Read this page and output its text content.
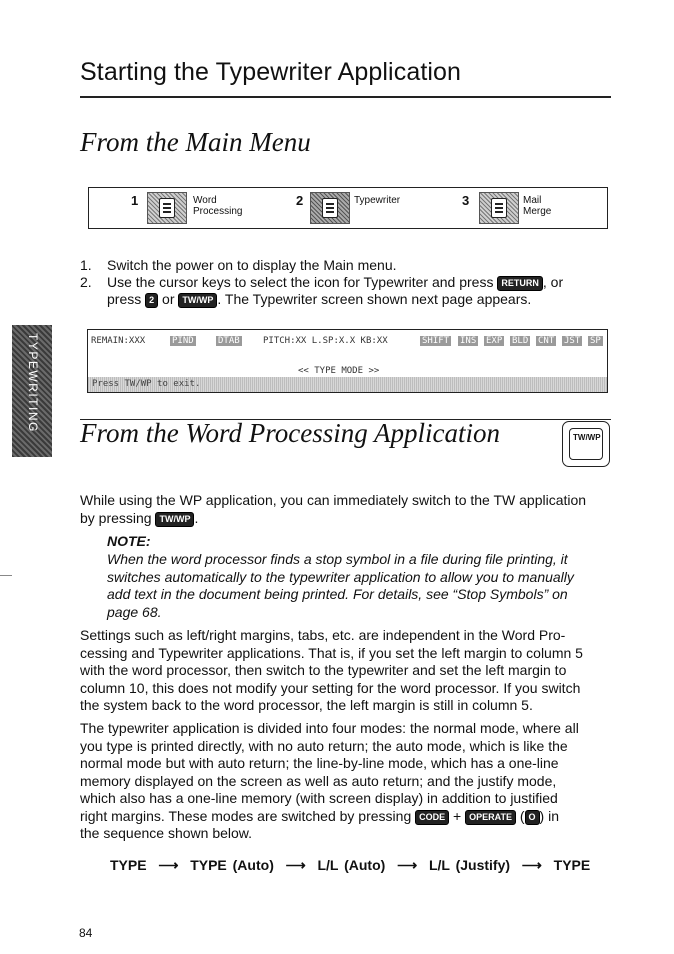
Starting the Typewriter Application
From the Main Menu
1	Word Processing
2	Typewriter	3	Mail Merge
1. Switch the power on to display the Main menu.
2. Use the cursor keys to select the icon for Typewriter and press RETURN , or
press 2 or TW/WP . The Typewriter screen shown next page appears.
REMAIN:XXX	PIND	DTAB	PITCH:XX L.SP:X.X KB:XX	SHIFT INS EXP BLD CNT JST SP
<< TYPE MODE >>
Press TW/WP to exit.
TYPEWRITING
From the Word Processing Application	TW/WP
While using the WP application, you can immediately switch to the TW application
by pressing TW/WP .
NOTE:
When the word processor finds a stop symbol in a file during file printing, it
switches automatically to the typewriter application to allow you to manually
add text in the document being printed. For details, see “Stop Symbols” on
page 68.
Settings such as left/right margins, tabs, etc. are independent in the Word Pro-
cessing and Typewriter applications. That is, if you set the left margin to column 5
with the word processor, then switch to the typewriter and set the left margin to
column 10, this does not modify your setting for the word processor. If you switch
the system back to the word processor, the left margin is still in column 5.
The typewriter application is divided into four modes: the normal mode, where all
you type is printed directly, with no auto return; the auto mode, which is like the
normal mode but with auto return; the line-by-line mode, which has a one-line
memory displayed on the screen as well as auto return; and the justify mode,
which also has a one-line memory (with screen display) in addition to justified
right margins. These modes are switched by pressing CODE + OPERATE ( O ) in
the sequence shown below.
TYPE  ⟶  TYPE (Auto)  ⟶  L/L (Auto)  ⟶  L/L (Justify)  ⟶  TYPE
84
